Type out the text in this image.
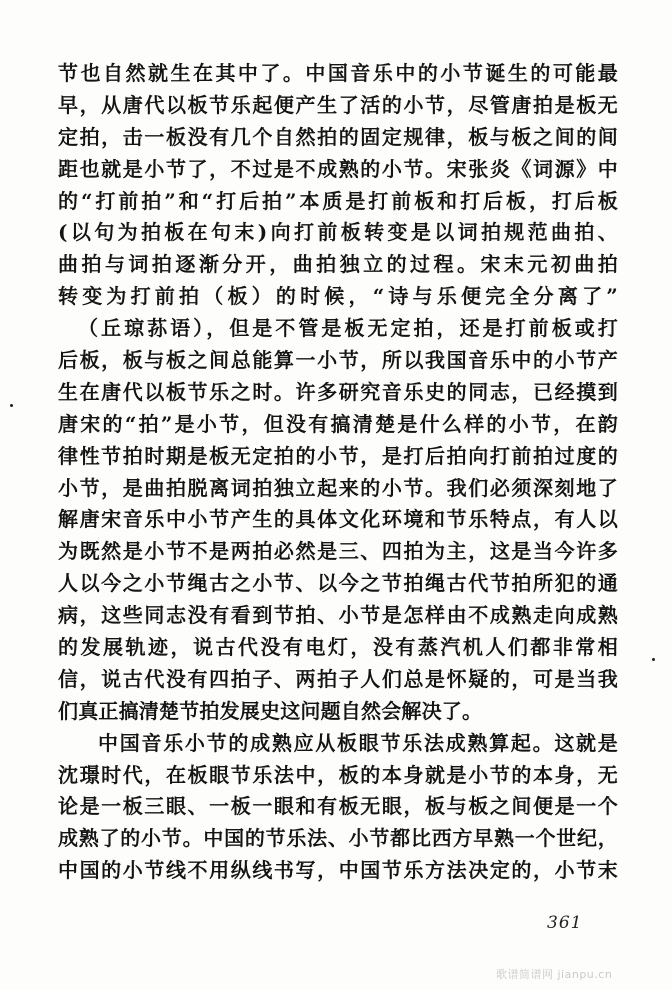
节也自然就生在其中了。中国音乐中的小节诞生的可能最
早，从唐代以板节乐起便产生了活的小节，尽管唐拍是板无
定拍，击一板没有几个自然拍的固定规律，板与板之间的间
距也就是小节了，不过是不成熟的小节。宋张炎《词源》中
的“打前拍”和“打后拍”本质是打前板和打后板，打后板
(以句为拍板在句末)向打前板转变是以词拍规范曲拍、
曲拍与词拍逐渐分开，曲拍独立的过程。宋末元初曲拍
转变为打前拍（板）的时候，“诗与乐便完全分离了”
（丘琼荪语），但是不管是板无定拍，还是打前板或打
后板，板与板之间总能算一小节，所以我国音乐中的小节产
生在唐代以板节乐之时。许多研究音乐史的同志，已经摸到
唐宋的“拍”是小节，但没有搞清楚是什么样的小节，在韵
律性节拍时期是板无定拍的小节，是打后拍向打前拍过度的
小节，是曲拍脱离词拍独立起来的小节。我们必须深刻地了
解唐宋音乐中小节产生的具体文化环境和节乐特点，有人以
为既然是小节不是两拍必然是三、四拍为主，这是当今许多
人以今之小节绳古之小节、以今之节拍绳古代节拍所犯的通
病，这些同志没有看到节拍、小节是怎样由不成熟走向成熟
的发展轨迹，说古代没有电灯，没有蒸汽机人们都非常相
信，说古代没有四拍子、两拍子人们总是怀疑的，可是当我
们真正搞清楚节拍发展史这问题自然会解决了。
中国音乐小节的成熟应从板眼节乐法成熟算起。这就是
沈璟时代，在板眼节乐法中，板的本身就是小节的本身，无
论是一板三眼、一板一眼和有板无眼，板与板之间便是一个
成熟了的小节。中国的节乐法、小节都比西方早熟一个世纪，
中国的小节线不用纵线书写，中国节乐方法决定的，小节末
361
歌谱简谱网 jianpu.cn
